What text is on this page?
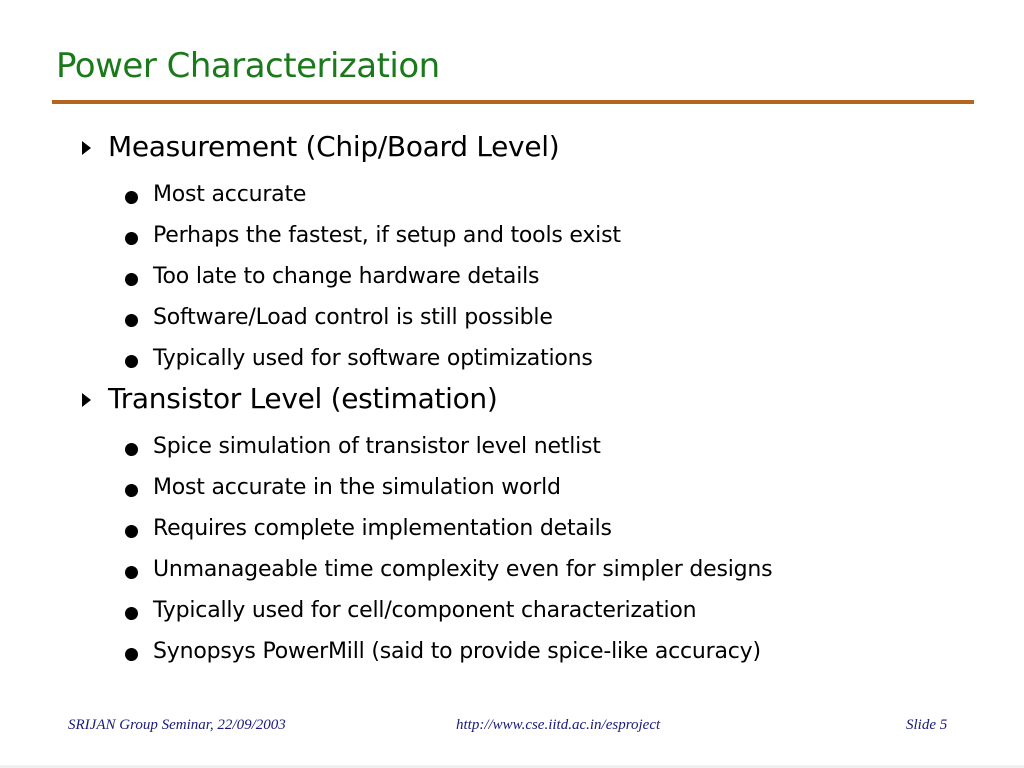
Power Characterization
Measurement (Chip/Board Level)
Most accurate
Perhaps the fastest, if setup and tools exist
Too late to change hardware details
Software/Load control is still possible
Typically used for software optimizations
Transistor Level (estimation)
Spice simulation of transistor level netlist
Most accurate in the simulation world
Requires complete implementation details
Unmanageable time complexity even for simpler designs
Typically used for cell/component characterization
Synopsys PowerMill (said to provide spice-like accuracy)
SRIJAN Group Seminar, 22/09/2003	http://www.cse.iitd.ac.in/esproject	Slide 5
